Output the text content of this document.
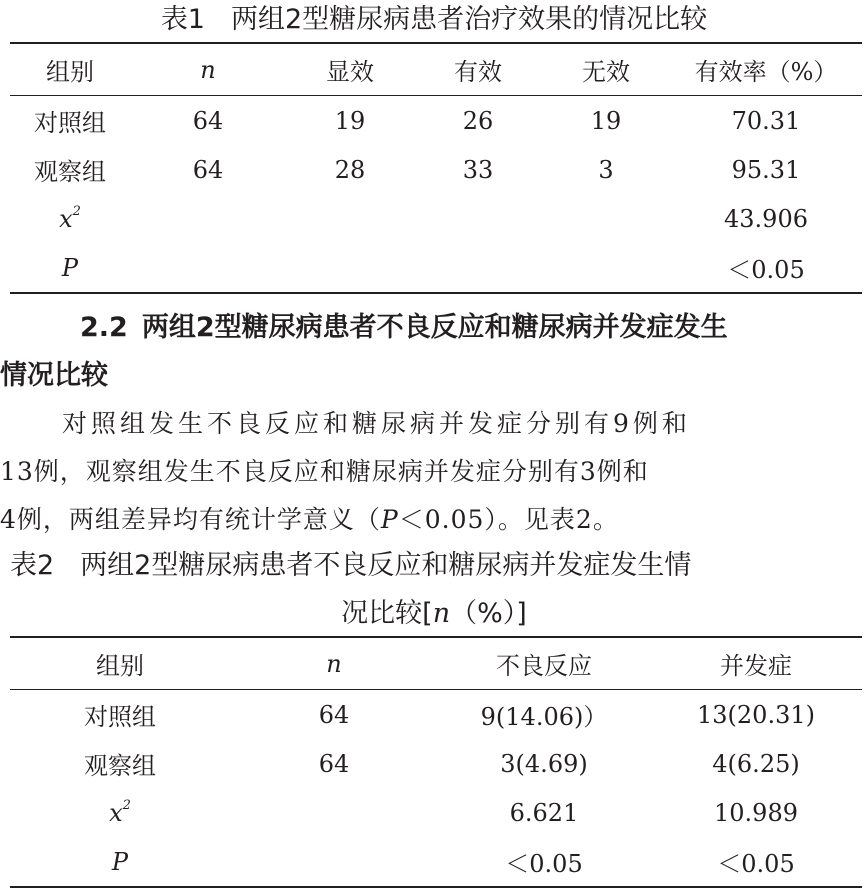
表1 两组2型糖尿病患者治疗效果的情况比较
组别	n	显效	有效	无效	有效率（%）
对照组	64	19	26	19	70.31
观察组	64	28	33	3	95.31
$x^2$					43.906
P					＜0.05
2.2 两组2型糖尿病患者不良反应和糖尿病并发症发生
情况比较
对照组发生不良反应和糖尿病并发症分别有9例和
13例，观察组发生不良反应和糖尿病并发症分别有3例和
4例，两组差异均有统计学意义（P＜0.05）。见表2。
表2 两组2型糖尿病患者不良反应和糖尿病并发症发生情
况比较[n（%）]
组别	n	不良反应	并发症
对照组	64	9(14.06)）	13(20.31)
观察组	64	3(4.69)	4(6.25)
$x^2$		6.621	10.989
P		＜0.05	＜0.05
